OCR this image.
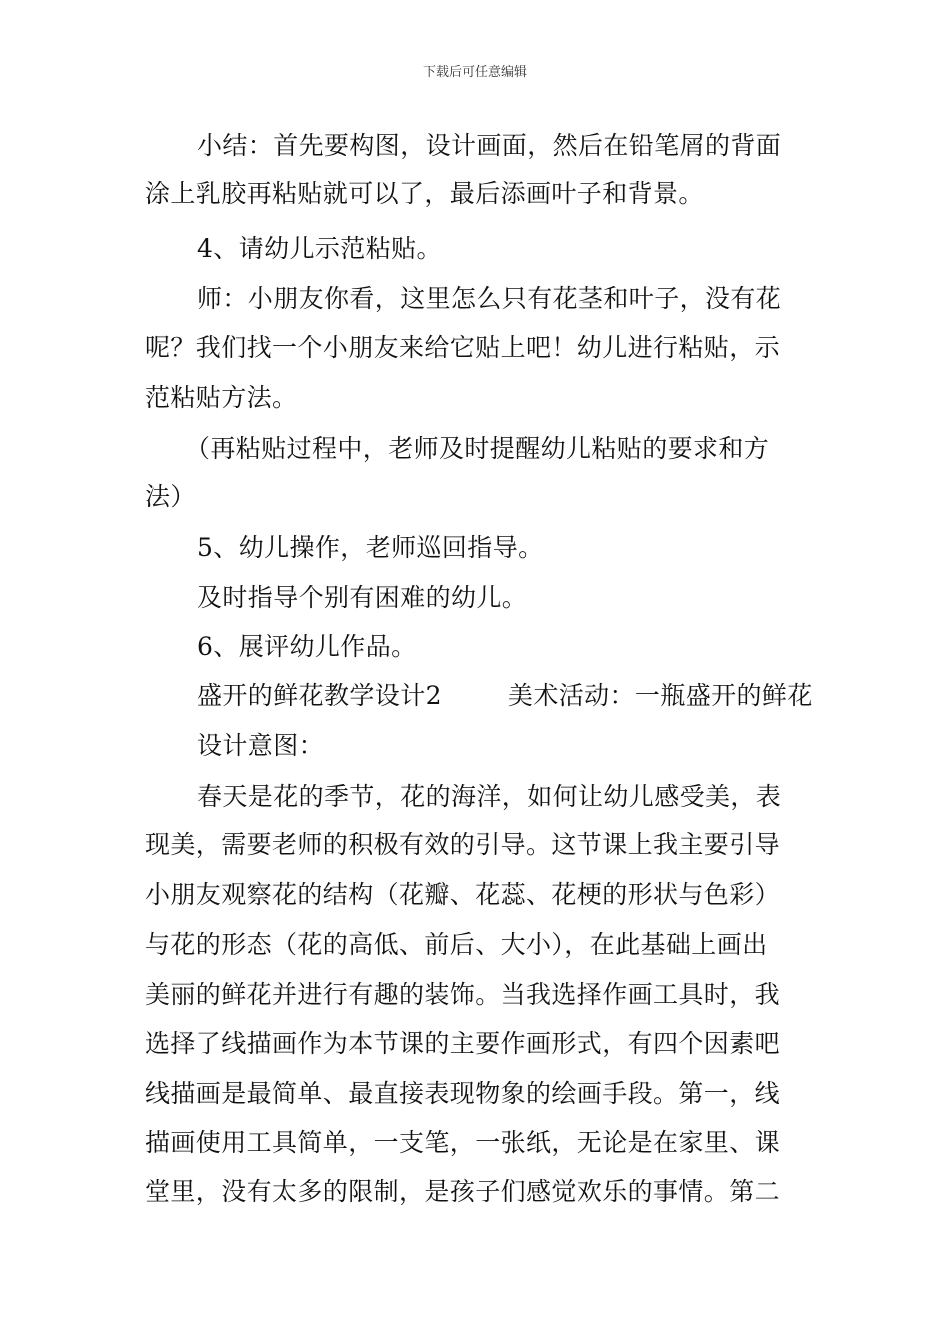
下载后可任意编辑
小结：首先要构图，设计画面，然后在铅笔屑的背面
涂上乳胶再粘贴就可以了，最后添画叶子和背景。
4、请幼儿示范粘贴。
师：小朋友你看，这里怎么只有花茎和叶子，没有花
呢？我们找一个小朋友来给它贴上吧！幼儿进行粘贴，示
范粘贴方法。
（再粘贴过程中，老师及时提醒幼儿粘贴的要求和方
法）
5、幼儿操作，老师巡回指导。
及时指导个别有困难的幼儿。
6、展评幼儿作品。
盛开的鲜花教学设计2	美术活动：一瓶盛开的鲜花
设计意图：
春天是花的季节，花的海洋，如何让幼儿感受美，表
现美，需要老师的积极有效的引导。这节课上我主要引导
小朋友观察花的结构（花瓣、花蕊、花梗的形状与色彩）
与花的形态（花的高低、前后、大小），在此基础上画出
美丽的鲜花并进行有趣的装饰。当我选择作画工具时，我
选择了线描画作为本节课的主要作画形式，有四个因素吧
线描画是最简单、最直接表现物象的绘画手段。第一，线
描画使用工具简单，一支笔，一张纸，无论是在家里、课
堂里，没有太多的限制，是孩子们感觉欢乐的事情。第二
